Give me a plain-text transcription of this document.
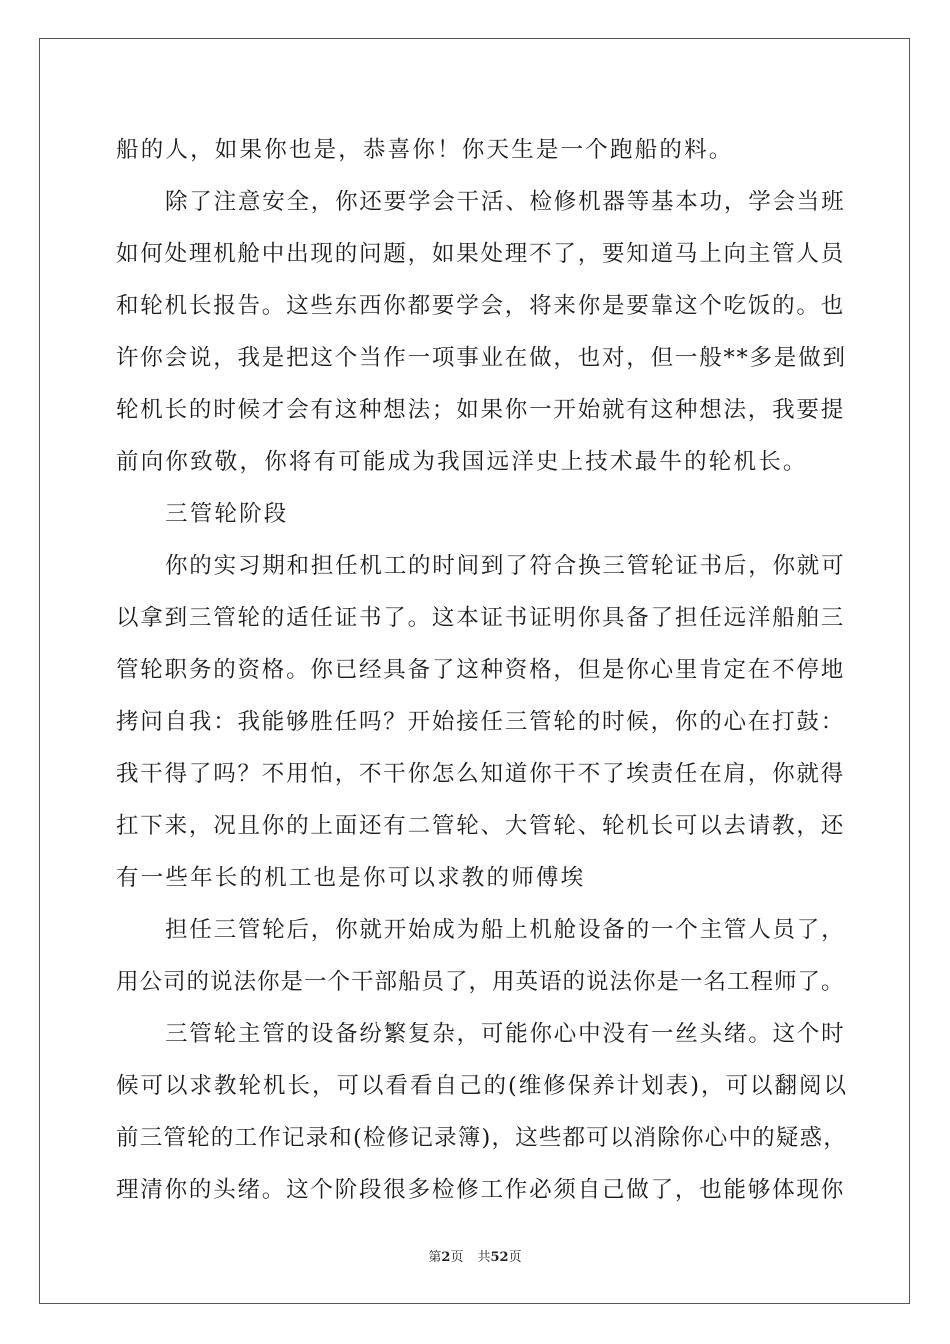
船的人，如果你也是，恭喜你！你天生是一个跑船的料。
除了注意安全，你还要学会干活、检修机器等基本功，学会当班
如何处理机舱中出现的问题，如果处理不了，要知道马上向主管人员
和轮机长报告。这些东西你都要学会，将来你是要靠这个吃饭的。也
许你会说，我是把这个当作一项事业在做，也对，但一般**多是做到
轮机长的时候才会有这种想法；如果你一开始就有这种想法，我要提
前向你致敬，你将有可能成为我国远洋史上技术最牛的轮机长。
三管轮阶段
你的实习期和担任机工的时间到了符合换三管轮证书后，你就可
以拿到三管轮的适任证书了。这本证书证明你具备了担任远洋船舶三
管轮职务的资格。你已经具备了这种资格，但是你心里肯定在不停地
拷问自我：我能够胜任吗？开始接任三管轮的时候，你的心在打鼓：
我干得了吗？不用怕，不干你怎么知道你干不了埃责任在肩，你就得
扛下来，况且你的上面还有二管轮、大管轮、轮机长可以去请教，还
有一些年长的机工也是你可以求教的师傅埃
担任三管轮后，你就开始成为船上机舱设备的一个主管人员了，
用公司的说法你是一个干部船员了，用英语的说法你是一名工程师了。
三管轮主管的设备纷繁复杂，可能你心中没有一丝头绪。这个时
候可以求教轮机长，可以看看自己的(维修保养计划表)，可以翻阅以
前三管轮的工作记录和(检修记录簿)，这些都可以消除你心中的疑惑，
理清你的头绪。这个阶段很多检修工作必须自己做了，也能够体现你
第2页 共52页
